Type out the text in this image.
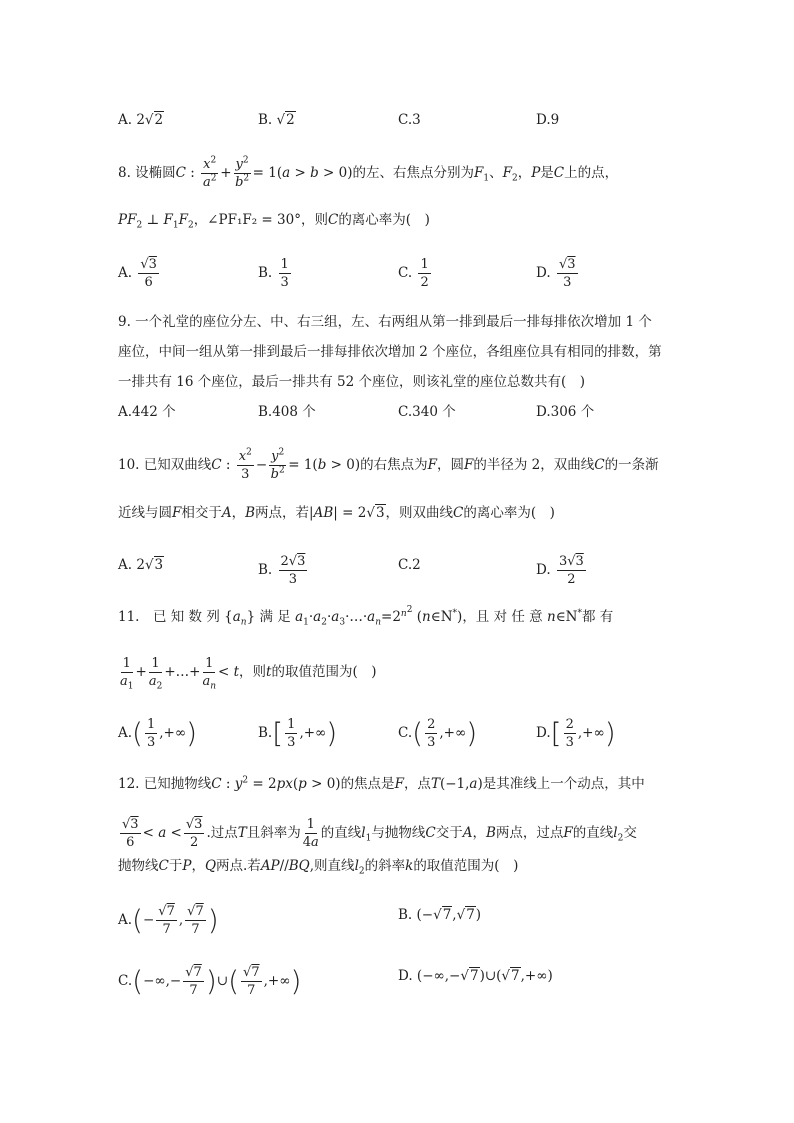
A. 2√2	B. √2	C.3	D.9
8. 设椭圆C : $\frac{x^2}{a^2} + \frac{y^2}{b^2} = 1(a > b > 0)$的左、右焦点分别为$F_1$、$F_2$，P是C上的点，
$PF_2$ ⊥ $F_1F_2$，∠PF₁F₂ = 30°，则C的离心率为(　)
A. $\frac{√3}{6}$	B. $\frac{1}{3}$	C. $\frac{1}{2}$	D. $\frac{√3}{3}$
9. 一个礼堂的座位分左、中、右三组，左、右两组从第一排到最后一排每排依次增加 1 个
座位，中间一组从第一排到最后一排每排依次增加 2 个座位，各组座位具有相同的排数，第
一排共有 16 个座位，最后一排共有 52 个座位，则该礼堂的座位总数共有(　)
A.442 个	B.408 个	C.340 个	D.306 个
10. 已知双曲线C : $\frac{x^2}{3} - \frac{y^2}{b^2} = 1(b > 0)$的右焦点为F，圆F的半径为 2，双曲线C的一条渐
近线与圆F相交于A，B两点，若|AB| = 2√3，则双曲线C的离心率为(　)
A. 2√3	B. $\frac{2√3}{3}$	C.2	D. $\frac{3√3}{2}$
11.　已 知 数 列 $\{a_n\}$ 满 足 $a_1\cdot a_2\cdot a_3\cdot\dots\cdot a_n=2^{n^2}$ (n∈N*)，且 对 任 意 n∈N*都 有
$\frac{1}{a_1} + \frac{1}{a_2}$ +…+ $\frac{1}{a_n} < t$，则t的取值范围为(　)
$A.( \frac{1}{3}$ ,+∞)	$B.[ \frac{1}{3}$ ,+∞)	$C.( \frac{2}{3}$ ,+∞)	$D.[ \frac{2}{3}$ ,+∞)
12. 已知抛物线C : $y^2 = 2px(p > 0)$的焦点是F，点T(−1,a)是其准线上一个动点，其中
$\frac{√3}{6} < a < \frac{√3}{2}$ .过点T且斜率为 $\frac{1}{4a}$ 的直线$l_1$与抛物线C交于A，B两点，过点F的直线$l_2$交
抛物线C于P，Q两点.若AP//BQ,则直线$l_2$的斜率k的取值范围为(　)
$A.(- \frac{√7}{7}$ , $\frac{√7}{7}$ )	B. (−√7,√7)
$C.(-\infty,- \frac{√7}{7}$ )∪( $\frac{√7}{7}$ ,+∞)	D. (−∞,−√7)∪(√7,+∞)
